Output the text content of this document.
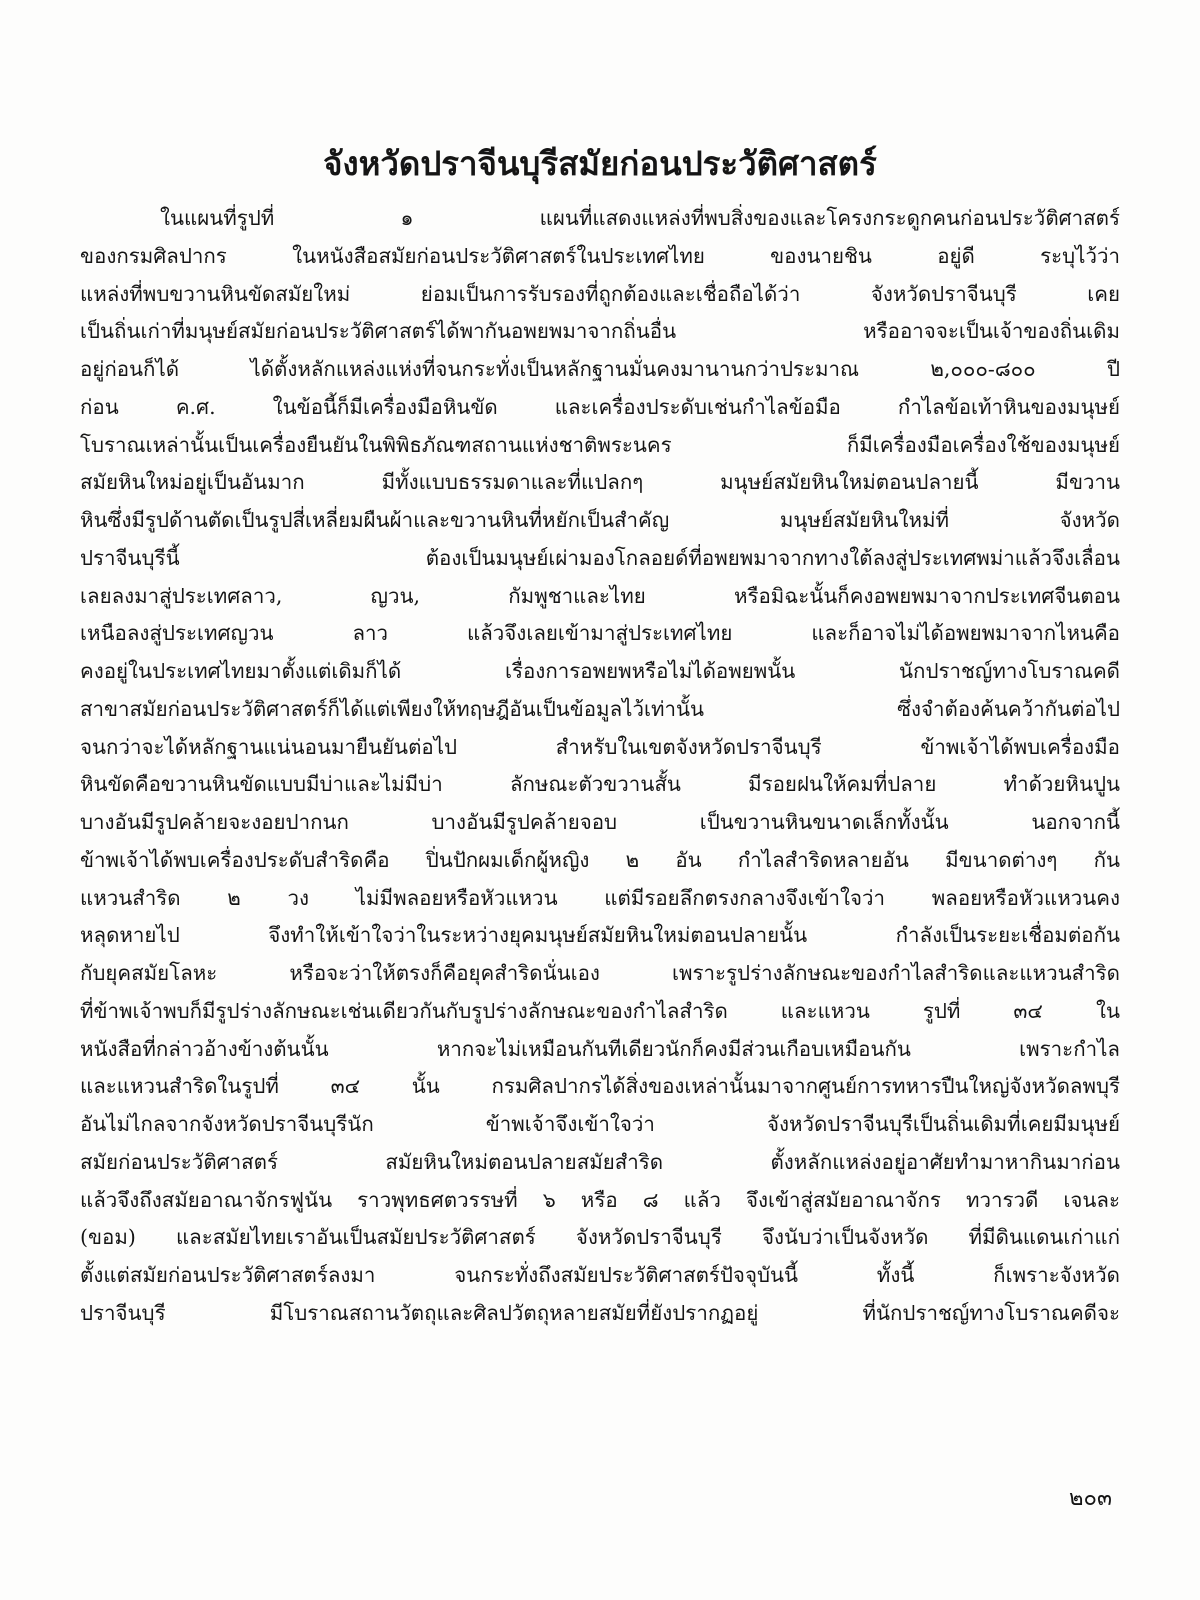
จังหวัดปราจีนบุรีสมัยก่อนประวัติศาสตร์
ในแผนที่รูปที่ ๑ แผนที่แสดงแหล่งที่พบสิ่งของและโครงกระดูกคนก่อนประวัติศาสตร์
ของกรมศิลปากร ในหนังสือสมัยก่อนประวัติศาสตร์ในประเทศไทย ของนายชิน อยู่ดี ระบุไว้ว่า
แหล่งที่พบขวานหินขัดสมัยใหม่ ย่อมเป็นการรับรองที่ถูกต้องและเชื่อถือได้ว่า จังหวัดปราจีนบุรี เคย
เป็นถิ่นเก่าที่มนุษย์สมัยก่อนประวัติศาสตร์ได้พากันอพยพมาจากถิ่นอื่น หรืออาจจะเป็นเจ้าของถิ่นเดิม
อยู่ก่อนก็ได้ ได้ตั้งหลักแหล่งแห่งที่จนกระทั่งเป็นหลักฐานมั่นคงมานานกว่าประมาณ ๒,๐๐๐-๘๐๐ ปี
ก่อน ค.ศ. ในข้อนี้ก็มีเครื่องมือหินขัด และเครื่องประดับเช่นกำไลข้อมือ กำไลข้อเท้าหินของมนุษย์
โบราณเหล่านั้นเป็นเครื่องยืนยันในพิพิธภัณฑสถานแห่งชาติพระนคร ก็มีเครื่องมือเครื่องใช้ของมนุษย์
สมัยหินใหม่อยู่เป็นอันมาก มีทั้งแบบธรรมดาและที่แปลกๆ มนุษย์สมัยหินใหม่ตอนปลายนี้ มีขวาน
หินซึ่งมีรูปด้านตัดเป็นรูปสี่เหลี่ยมผืนผ้าและขวานหินที่หยักเป็นสำคัญ มนุษย์สมัยหินใหม่ที่ จังหวัด
ปราจีนบุรีนี้ ต้องเป็นมนุษย์เผ่ามองโกลอยด์ที่อพยพมาจากทางใต้ลงสู่ประเทศพม่าแล้วจึงเลื่อน
เลยลงมาสู่ประเทศลาว, ญวน, กัมพูชาและไทย หรือมิฉะนั้นก็คงอพยพมาจากประเทศจีนตอน
เหนือลงสู่ประเทศญวน ลาว แล้วจึงเลยเข้ามาสู่ประเทศไทย และก็อาจไม่ได้อพยพมาจากไหนคือ
คงอยู่ในประเทศไทยมาตั้งแต่เดิมก็ได้ เรื่องการอพยพหรือไม่ได้อพยพนั้น นักปราชญ์ทางโบราณคดี
สาขาสมัยก่อนประวัติศาสตร์ก็ได้แต่เพียงให้ทฤษฎีอันเป็นข้อมูลไว้เท่านั้น ซึ่งจำต้องค้นคว้ากันต่อไป
จนกว่าจะได้หลักฐานแน่นอนมายืนยันต่อไป สำหรับในเขตจังหวัดปราจีนบุรี ข้าพเจ้าได้พบเครื่องมือ
หินขัดคือขวานหินขัดแบบมีบ่าและไม่มีบ่า ลักษณะตัวขวานสั้น มีรอยฝนให้คมที่ปลาย ทำด้วยหินปูน
บางอันมีรูปคล้ายจะงอยปากนก บางอันมีรูปคล้ายจอบ เป็นขวานหินขนาดเล็กทั้งนั้น นอกจากนี้
ข้าพเจ้าได้พบเครื่องประดับสำริดคือ ปิ่นปักผมเด็กผู้หญิง ๒ อัน กำไลสำริดหลายอัน มีขนาดต่างๆ กัน
แหวนสำริด ๒ วง ไม่มีพลอยหรือหัวแหวน แต่มีรอยลึกตรงกลางจึงเข้าใจว่า พลอยหรือหัวแหวนคง
หลุดหายไป จึงทำให้เข้าใจว่าในระหว่างยุคมนุษย์สมัยหินใหม่ตอนปลายนั้น กำลังเป็นระยะเชื่อมต่อกัน
กับยุคสมัยโลหะ หรือจะว่าให้ตรงก็คือยุคสำริดนั่นเอง เพราะรูปร่างลักษณะของกำไลสำริดและแหวนสำริด
ที่ข้าพเจ้าพบก็มีรูปร่างลักษณะเช่นเดียวกันกับรูปร่างลักษณะของกำไลสำริด และแหวน รูปที่ ๓๔ ใน
หนังสือที่กล่าวอ้างข้างต้นนั้น หากจะไม่เหมือนกันทีเดียวนักก็คงมีส่วนเกือบเหมือนกัน เพราะกำไล
และแหวนสำริดในรูปที่ ๓๔ นั้น กรมศิลปากรได้สิ่งของเหล่านั้นมาจากศูนย์การทหารปืนใหญ่จังหวัดลพบุรี
อันไม่ไกลจากจังหวัดปราจีนบุรีนัก ข้าพเจ้าจึงเข้าใจว่า จังหวัดปราจีนบุรีเป็นถิ่นเดิมที่เคยมีมนุษย์
สมัยก่อนประวัติศาสตร์ สมัยหินใหม่ตอนปลายสมัยสำริด ตั้งหลักแหล่งอยู่อาศัยทำมาหากินมาก่อน
แล้วจึงถึงสมัยอาณาจักรฟูนัน ราวพุทธศตวรรษที่ ๖ หรือ ๘ แล้ว จึงเข้าสู่สมัยอาณาจักร ทวารวดี เจนละ
(ขอม) และสมัยไทยเราอันเป็นสมัยประวัติศาสตร์ จังหวัดปราจีนบุรี จึงนับว่าเป็นจังหวัด ที่มีดินแดนเก่าแก่
ตั้งแต่สมัยก่อนประวัติศาสตร์ลงมา จนกระทั่งถึงสมัยประวัติศาสตร์ปัจจุบันนี้ ทั้งนี้ ก็เพราะจังหวัด
ปราจีนบุรี มีโบราณสถานวัตถุและศิลปวัตถุหลายสมัยที่ยังปรากฏอยู่ ที่นักปราชญ์ทางโบราณคดีจะ
๒๐๓
